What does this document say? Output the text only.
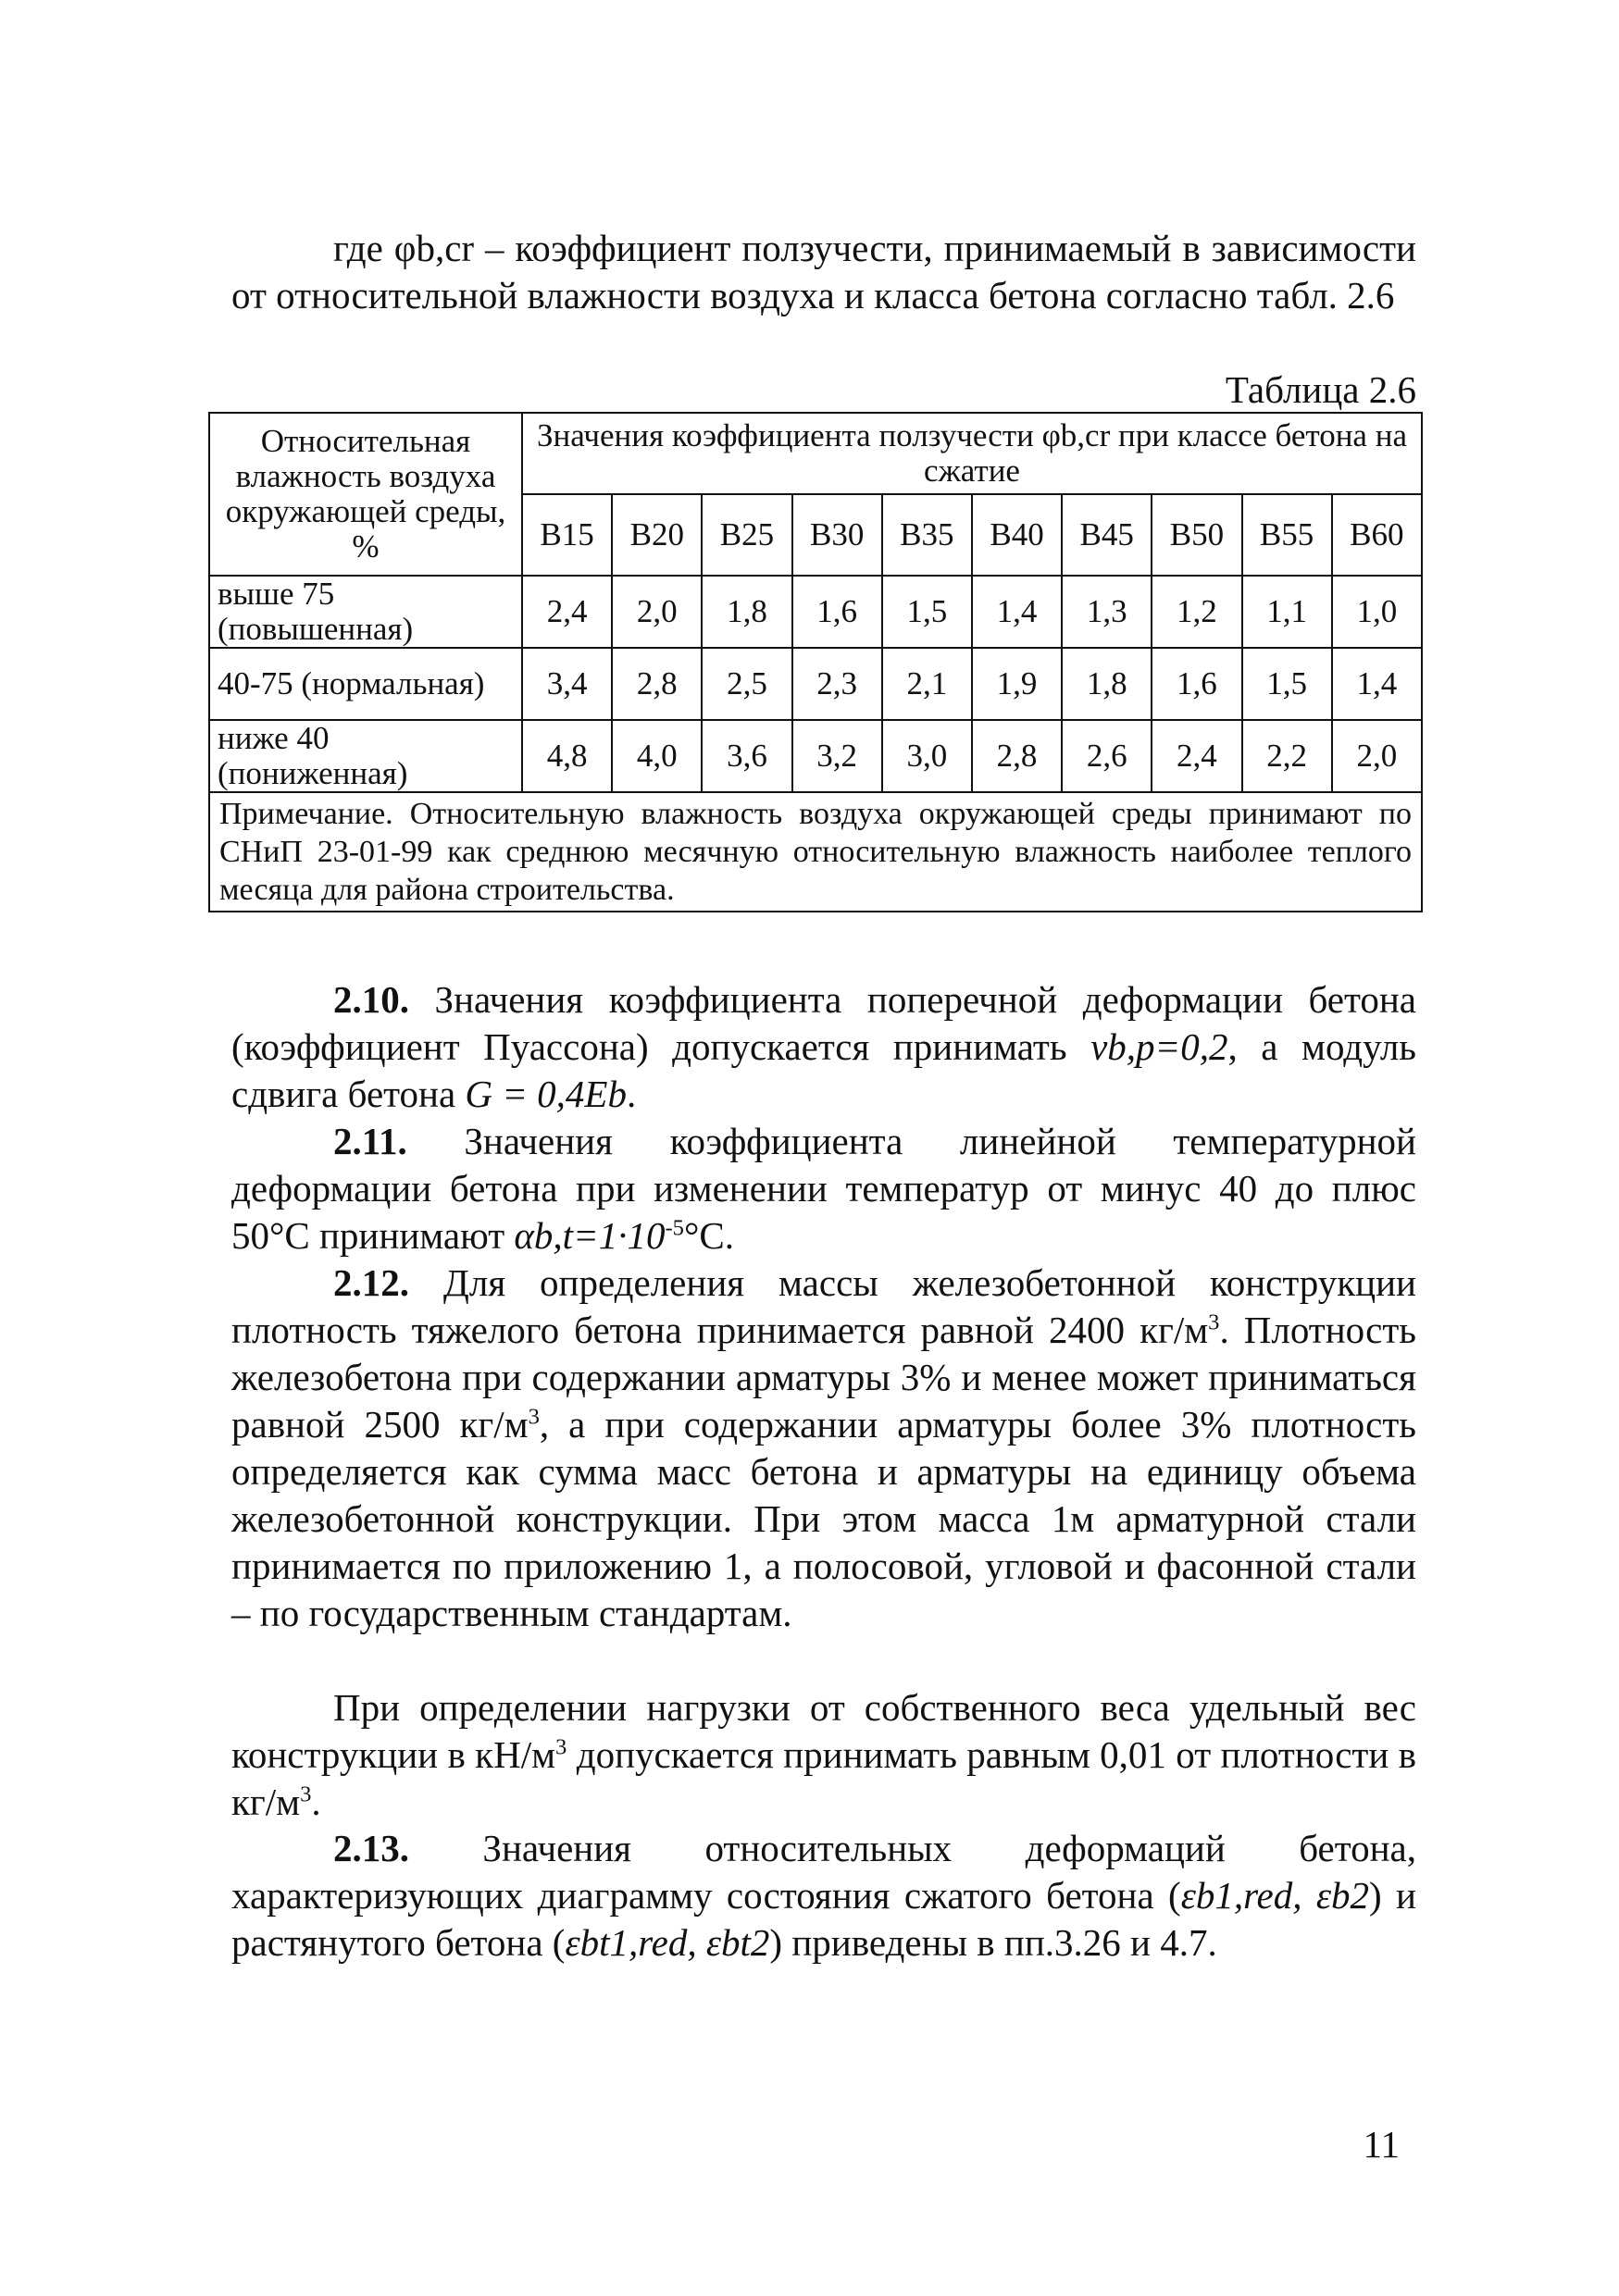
где φb,cr – коэффициент ползучести, принимаемый в зависимости от относительной влажности воздуха и класса бетона согласно табл. 2.6
Таблица 2.6
Относительная влажность воздуха окружающей среды, %	Значения коэффициента ползучести φb,cr при классе бетона на сжатие									
	B15	B20	B25	B30	B35	B40	B45	B50	B55	B60
выше 75 (повышенная)	2,4	2,0	1,8	1,6	1,5	1,4	1,3	1,2	1,1	1,0
40-75 (нормальная)	3,4	2,8	2,5	2,3	2,1	1,9	1,8	1,6	1,5	1,4
ниже 40 (пониженная)	4,8	4,0	3,6	3,2	3,0	2,8	2,6	2,4	2,2	2,0
Примечание. Относительную влажность воздуха окружающей среды принимают по СНиП 23-01-99 как среднюю месячную относительную влажность наиболее теплого месяца для района строительства.										
2.10. Значения коэффициента поперечной деформации бетона (коэффициент Пуассона) допускается принимать νb,p=0,2, а модуль сдвига бетона G = 0,4Eb.
2.11. Значения коэффициента линейной температурной деформации бетона при изменении температур от минус 40 до плюс 50°C принимают $\alpha b,t=1\cdot 10^{-5}^\circ C$.
2.12. Для определения массы железобетонной конструкции плотность тяжелого бетона принимается равной 2400 $кг/м^3$. Плотность железобетона при содержании арматуры 3% и менее может приниматься равной 2500 $кг/м^3$, а при содержании арматуры более 3% плотность определяется как сумма масс бетона и арматуры на единицу объема железобетонной конструкции. При этом масса 1м арматурной стали принимается по приложению 1, а полосовой, угловой и фасонной стали – по государственным стандартам.
При определении нагрузки от собственного веса удельный вес конструкции в $кН/м^3$ допускается принимать равным 0,01 от плотности в $кг/м^3$.
2.13. Значения относительных деформаций бетона, характеризующих диаграмму состояния сжатого бетона (εb1,red, εb2) и растянутого бетона (εbt1,red, εbt2) приведены в пп.3.26 и 4.7.
11
